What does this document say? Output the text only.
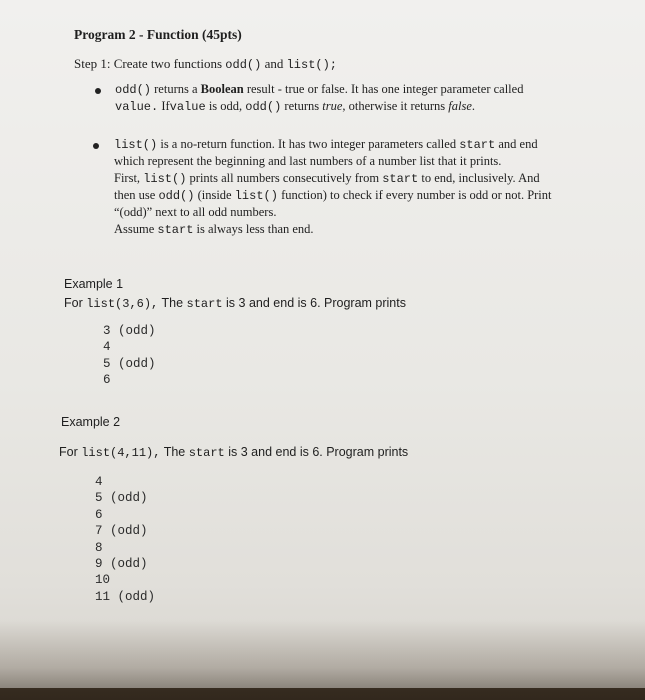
Program 2 - Function (45pts)
Step 1: Create two functions odd() and list();
odd() returns a Boolean result - true or false. It has one integer parameter called
value. Ifvalue is odd, odd() returns true, otherwise it returns false.
list() is a no-return function. It has two integer parameters called start and end
which represent the beginning and last numbers of a number list that it prints.
First, list() prints all numbers consecutively from start to end, inclusively. And
then use odd() (inside list() function) to check if every number is odd or not. Print
“(odd)” next to all odd numbers.
Assume start is always less than end.
Example 1
For list(3,6), The start is 3 and end is 6. Program prints
3 (odd)
4
5 (odd)
6
Example 2
For list(4,11), The start is 3 and end is 6. Program prints
4
5 (odd)
6
7 (odd)
8
9 (odd)
10
11 (odd)
